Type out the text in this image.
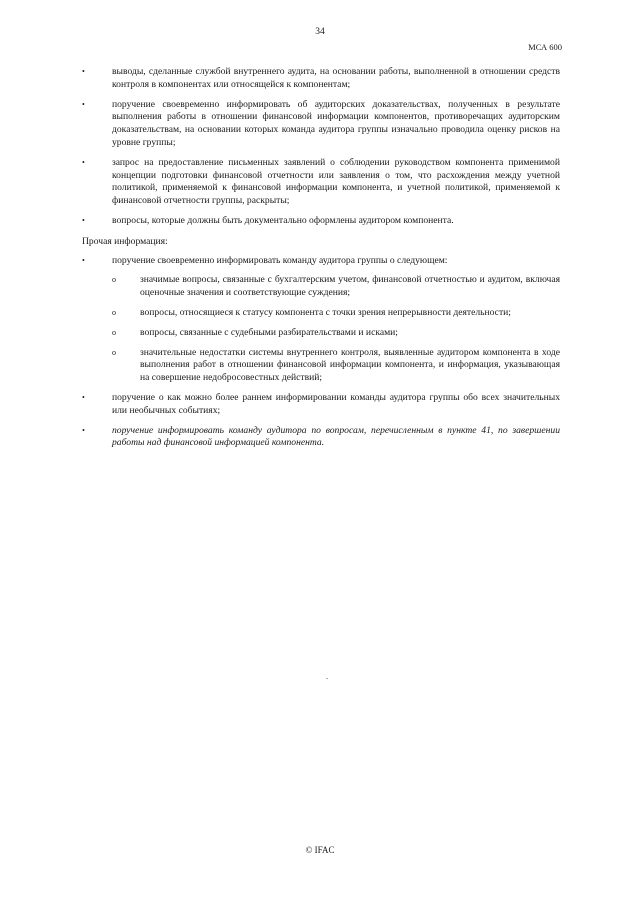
34
МСА 600
•	выводы, сделанные службой внутреннего аудита, на основании работы, выполненной в отношении средств контроля в компонентах или относящейся к компонентам;
•	поручение своевременно информировать об аудиторских доказательствах, полученных в результате выполнения работы в отношении финансовой информации компонентов, противоречащих аудиторским доказательствам, на основании которых команда аудитора группы изначально проводила оценку рисков на уровне группы;
•	запрос на предоставление письменных заявлений о соблюдении руководством компонента применимой концепции подготовки финансовой отчетности или заявления о том, что расхождения между учетной политикой, применяемой к финансовой информации компонента, и учетной политикой, применяемой к финансовой отчетности группы, раскрыты;
•	вопросы, которые должны быть документально оформлены аудитором компонента.
Прочая информация:
•	поручение своевременно информировать команду аудитора группы о следующем:
o	значимые вопросы, связанные с бухгалтерским учетом, финансовой отчетностью и аудитом, включая оценочные значения и соответствующие суждения;
o	вопросы, относящиеся к статусу компонента с точки зрения непрерывности деятельности;
o	вопросы, связанные с судебными разбирательствами и исками;
o	значительные недостатки системы внутреннего контроля, выявленные аудитором компонента в ходе выполнения работ в отношении финансовой информации компонента, и информация, указывающая на совершение недобросовестных действий;
•	поручение о как можно более раннем информировании команды аудитора группы обо всех значительных или необычных событиях;
•	поручение информировать команду аудитора по вопросам, перечисленным в пункте 41, по завершении работы над финансовой информацией компонента.
.
© IFAC
